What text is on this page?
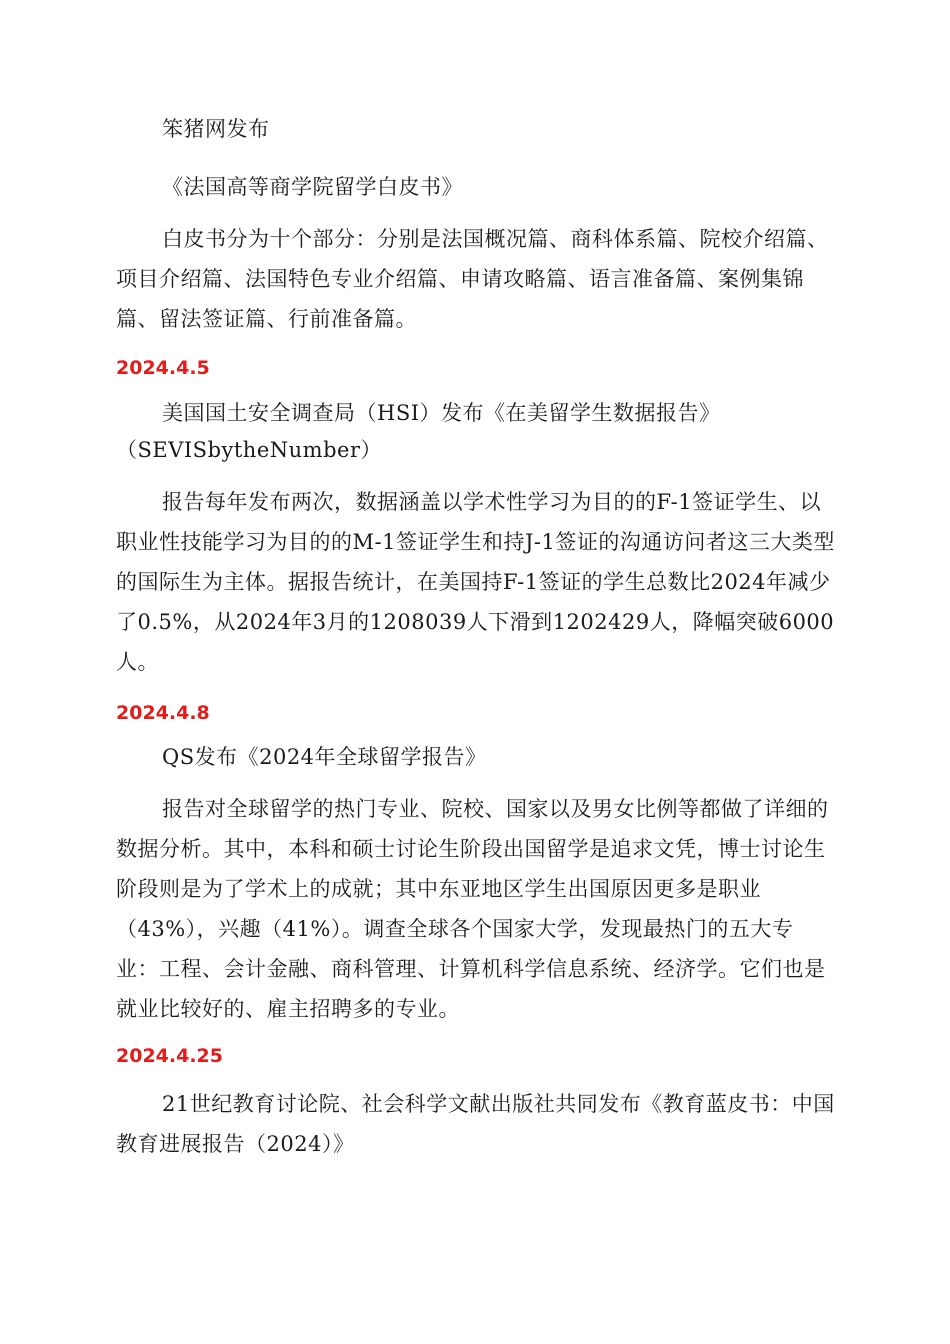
笨猪网发布

《法国高等商学院留学白皮书》

白皮书分为十个部分：分别是法国概况篇、商科体系篇、院校介绍篇、项目介绍篇、法国特色专业介绍篇、申请攻略篇、语言准备篇、案例集锦篇、留法签证篇、行前准备篇。

2024.4.5

美国国土安全调查局（HSI）发布《在美留学生数据报告》（SEVISbytheNumber）

报告每年发布两次，数据涵盖以学术性学习为目的的F-1签证学生、以职业性技能学习为目的的M-1签证学生和持J-1签证的沟通访问者这三大类型的国际生为主体。据报告统计，在美国持F-1签证的学生总数比2024年减少了0.5%，从2024年3月的1208039人下滑到1202429人，降幅突破6000人。

2024.4.8

QS发布《2024年全球留学报告》

报告对全球留学的热门专业、院校、国家以及男女比例等都做了详细的数据分析。其中，本科和硕士讨论生阶段出国留学是追求文凭，博士讨论生阶段则是为了学术上的成就；其中东亚地区学生出国原因更多是职业（43%），兴趣（41%）。调查全球各个国家大学，发现最热门的五大专业：工程、会计金融、商科管理、计算机科学信息系统、经济学。它们也是就业比较好的、雇主招聘多的专业。

2024.4.25

21世纪教育讨论院、社会科学文献出版社共同发布《教育蓝皮书：中国教育进展报告（2024）》
